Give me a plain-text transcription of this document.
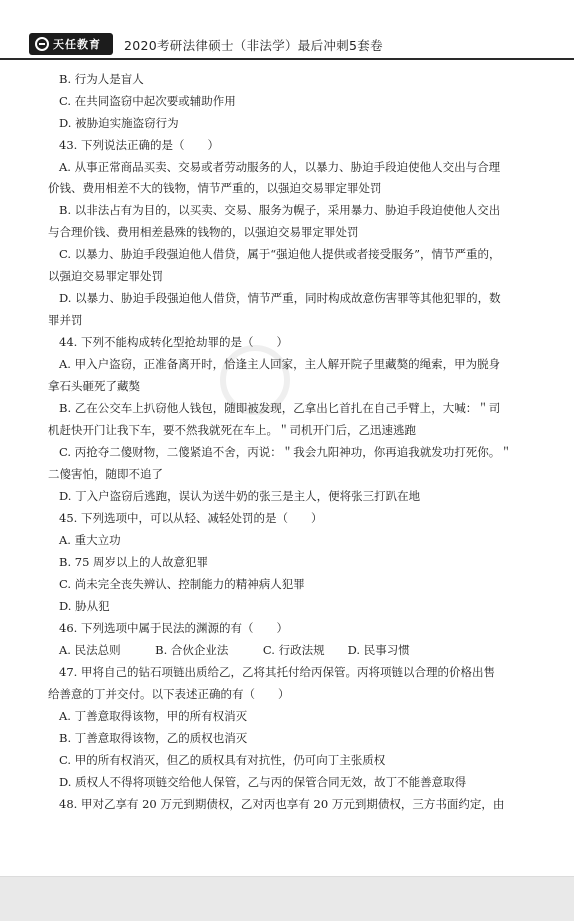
天任教育 2020考研法律硕士（非法学）最后冲刺5套卷
B. 行为人是盲人
C. 在共同盗窃中起次要或辅助作用
D. 被胁迫实施盗窃行为
43. 下列说法正确的是（　　）
A. 从事正常商品买卖、交易或者劳动服务的人，以暴力、胁迫手段迫使他人交出与合理
价钱、费用相差不大的钱物，情节严重的，以强迫交易罪定罪处罚
B. 以非法占有为目的，以买卖、交易、服务为幌子，采用暴力、胁迫手段迫使他人交出
与合理价钱、费用相差悬殊的钱物的，以强迫交易罪定罪处罚
C. 以暴力、胁迫手段强迫他人借贷，属于“强迫他人提供或者接受服务”，情节严重的，
以强迫交易罪定罪处罚
D. 以暴力、胁迫手段强迫他人借贷，情节严重，同时构成故意伤害罪等其他犯罪的，数
罪并罚
44. 下列不能构成转化型抢劫罪的是（　　）
A. 甲入户盗窃，正准备离开时，恰逢主人回家，主人解开院子里藏獒的绳索，甲为脱身
拿石头砸死了藏獒
B. 乙在公交车上扒窃他人钱包，随即被发现，乙拿出匕首扎在自己手臂上，大喊：＂司
机赶快开门让我下车，要不然我就死在车上。＂司机开门后，乙迅速逃跑
C. 丙抢夺二傻财物，二傻紧追不舍，丙说：＂我会九阳神功，你再追我就发功打死你。＂
二傻害怕，随即不追了
D. 丁入户盗窃后逃跑，误认为送牛奶的张三是主人，便将张三打趴在地
45. 下列选项中，可以从轻、减轻处罚的是（　　）
A. 重大立功
B. 75 周岁以上的人故意犯罪
C. 尚未完全丧失辨认、控制能力的精神病人犯罪
D. 胁从犯
46. 下列选项中属于民法的渊源的有（　　）
A. 民法总则　　　B. 合伙企业法　　　C. 行政法规　　D. 民事习惯
47. 甲将自己的钻石项链出质给乙，乙将其托付给丙保管。丙将项链以合理的价格出售
给善意的丁并交付。以下表述正确的有（　　）
A. 丁善意取得该物，甲的所有权消灭
B. 丁善意取得该物，乙的质权也消灭
C. 甲的所有权消灭，但乙的质权具有对抗性，仍可向丁主张质权
D. 质权人不得将项链交给他人保管，乙与丙的保管合同无效，故丁不能善意取得
48. 甲对乙享有 20 万元到期债权，乙对丙也享有 20 万元到期债权，三方书面约定，由
